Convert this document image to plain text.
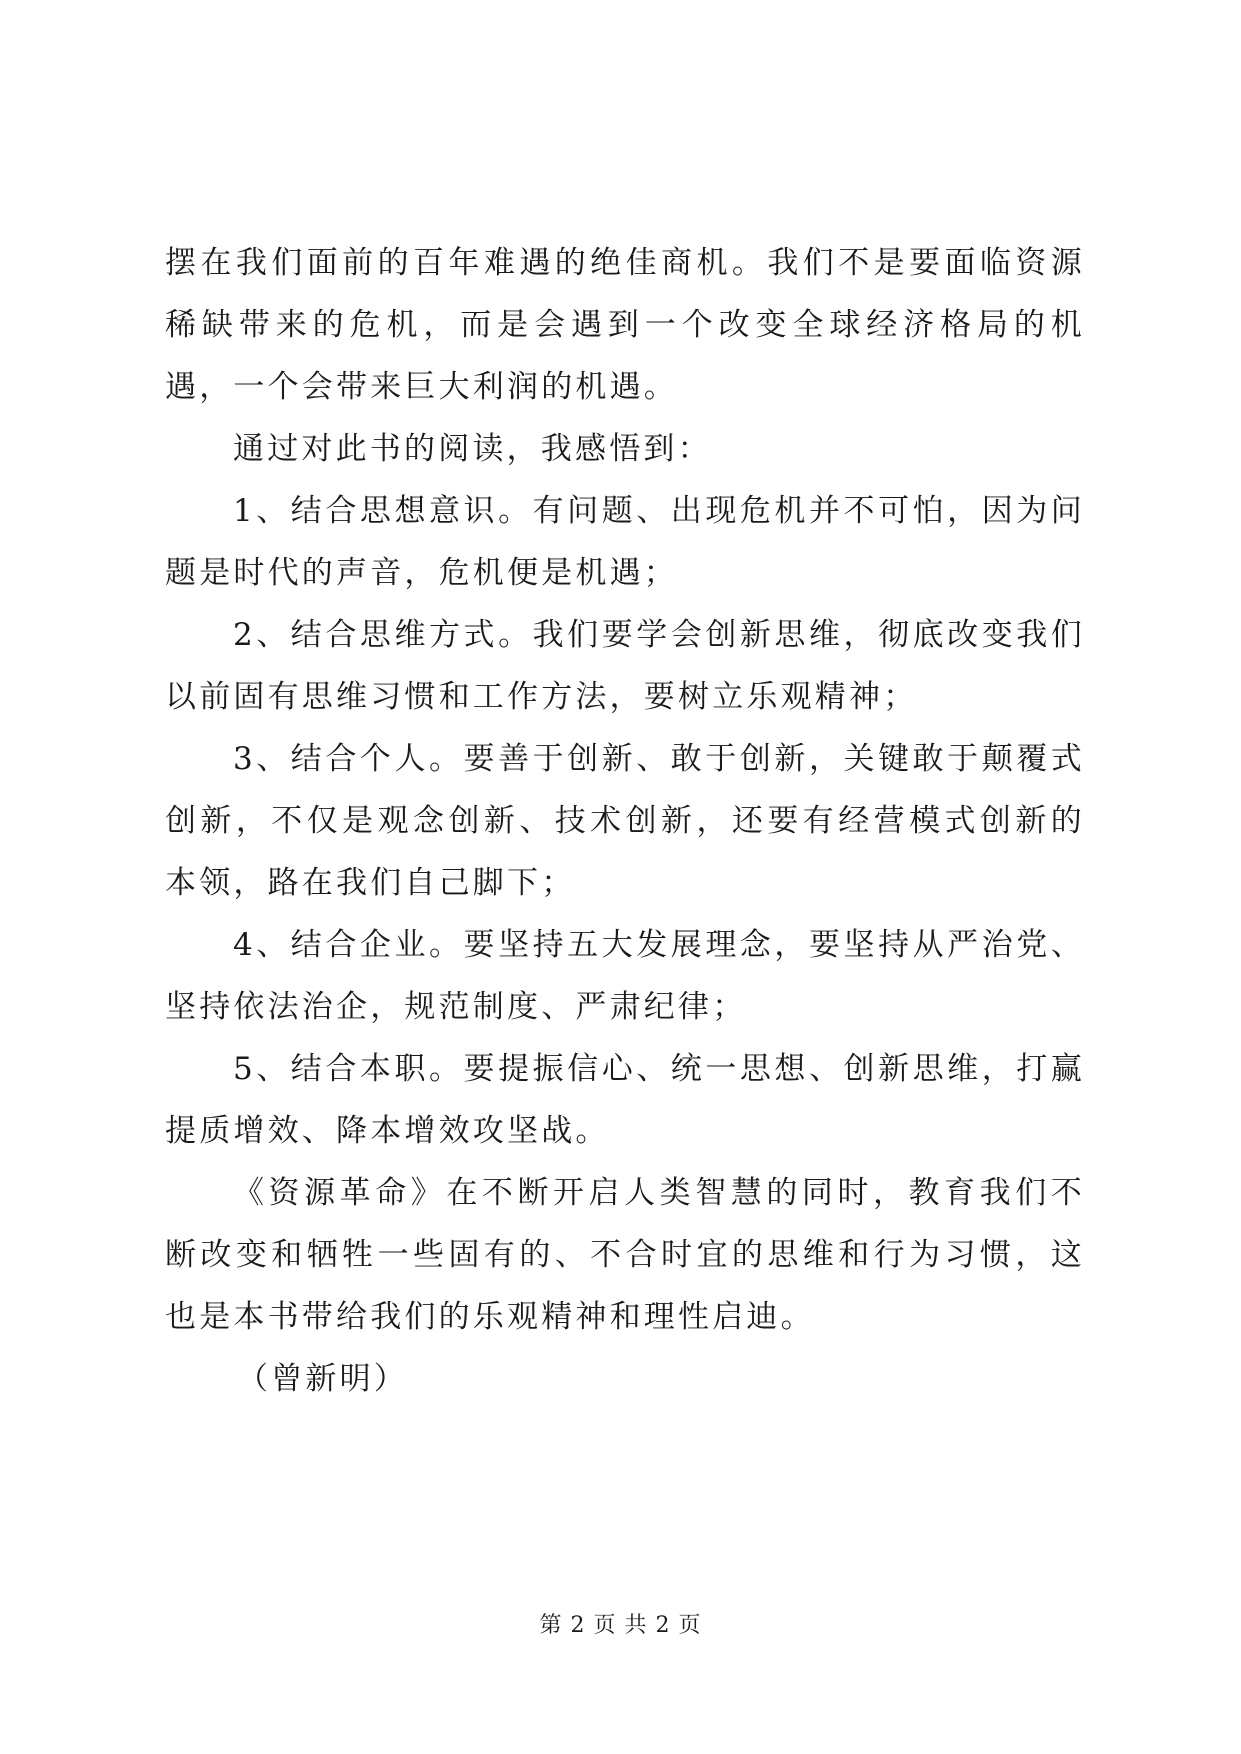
摆在我们面前的百年难遇的绝佳商机。我们不是要面临资源稀缺带来的危机，而是会遇到一个改变全球经济格局的机遇，一个会带来巨大利润的机遇。

通过对此书的阅读，我感悟到：

1、结合思想意识。有问题、出现危机并不可怕，因为问题是时代的声音，危机便是机遇；

2、结合思维方式。我们要学会创新思维，彻底改变我们以前固有思维习惯和工作方法，要树立乐观精神；

3、结合个人。要善于创新、敢于创新，关键敢于颠覆式创新，不仅是观念创新、技术创新，还要有经营模式创新的本领，路在我们自己脚下；

4、结合企业。要坚持五大发展理念，要坚持从严治党、坚持依法治企，规范制度、严肃纪律；

5、结合本职。要提振信心、统一思想、创新思维，打赢提质增效、降本增效攻坚战。

《资源革命》在不断开启人类智慧的同时，教育我们不断改变和牺牲一些固有的、不合时宜的思维和行为习惯，这也是本书带给我们的乐观精神和理性启迪。

（曾新明）

第 2 页 共 2 页
